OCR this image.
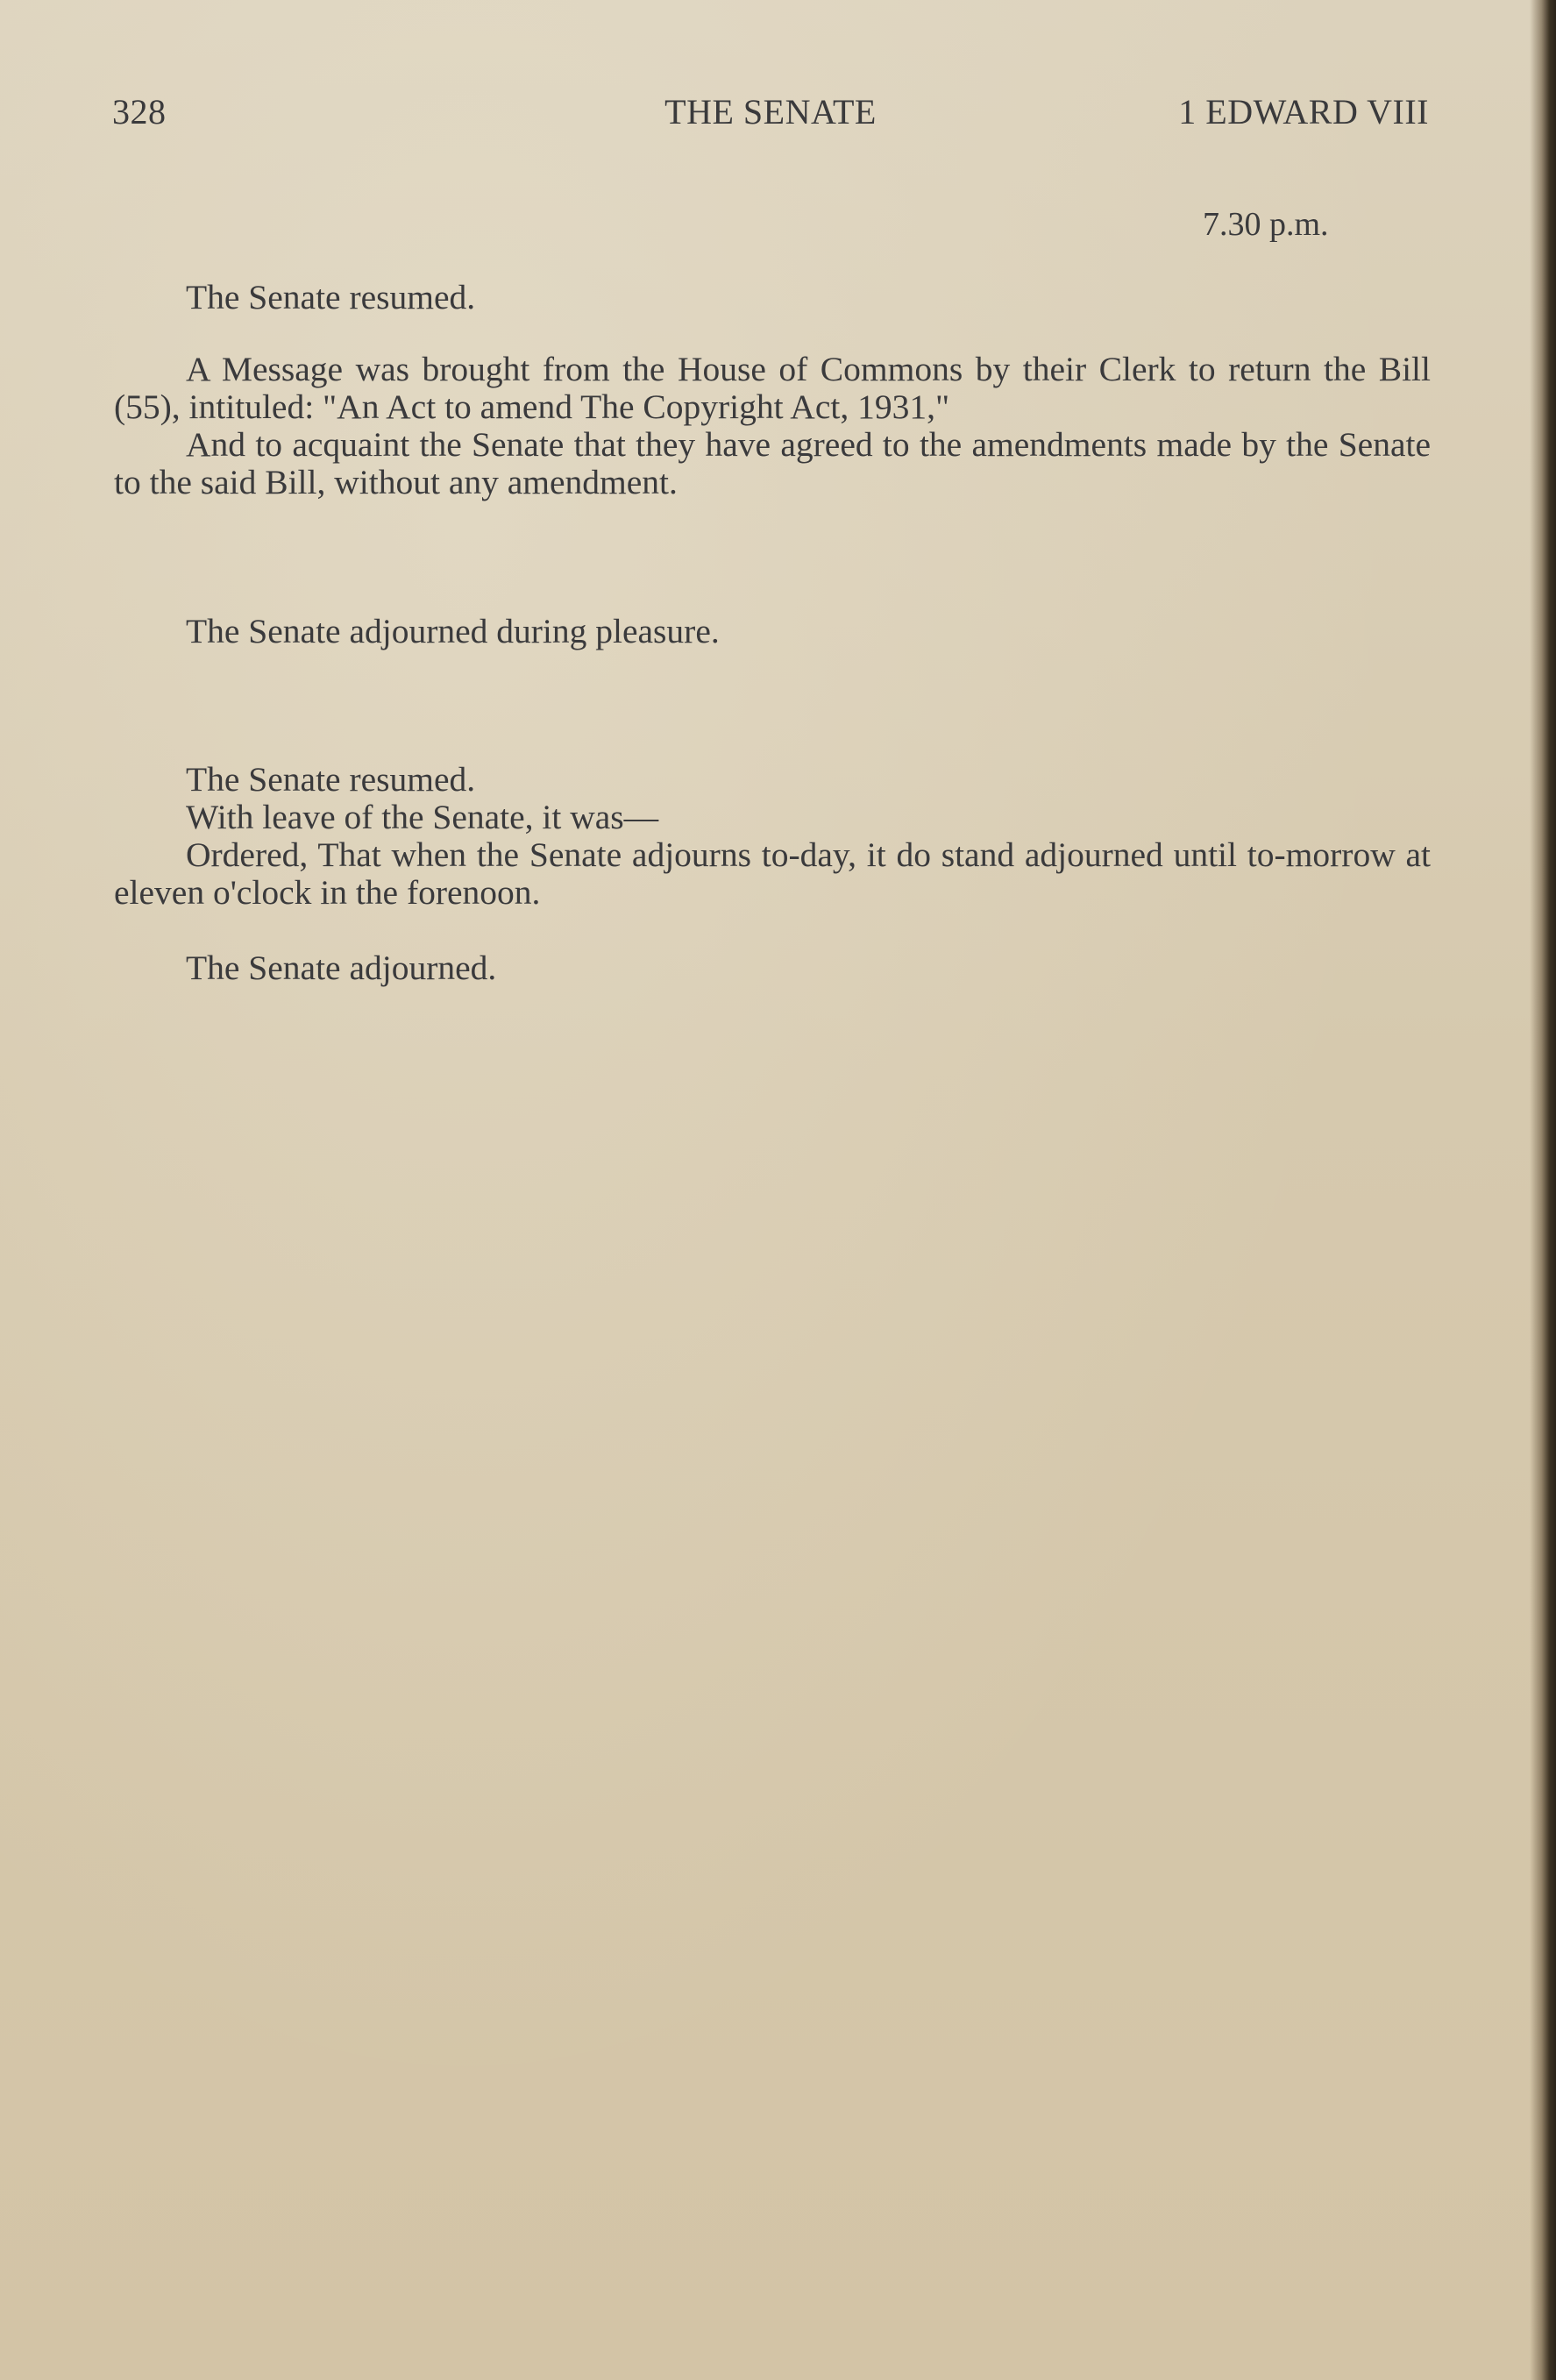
328	THE SENATE	1 EDWARD VIII
7.30 p.m.
The Senate resumed.

A Message was brought from the House of Commons by their Clerk to return the Bill (55), intituled: "An Act to amend The Copyright Act, 1931,"

And to acquaint the Senate that they have agreed to the amendments made by the Senate to the said Bill, without any amendment.

The Senate adjourned during pleasure.
The Senate resumed.

With leave of the Senate, it was—

Ordered, That when the Senate adjourns to-day, it do stand adjourned until to-morrow at eleven o'clock in the forenoon.

The Senate adjourned.
